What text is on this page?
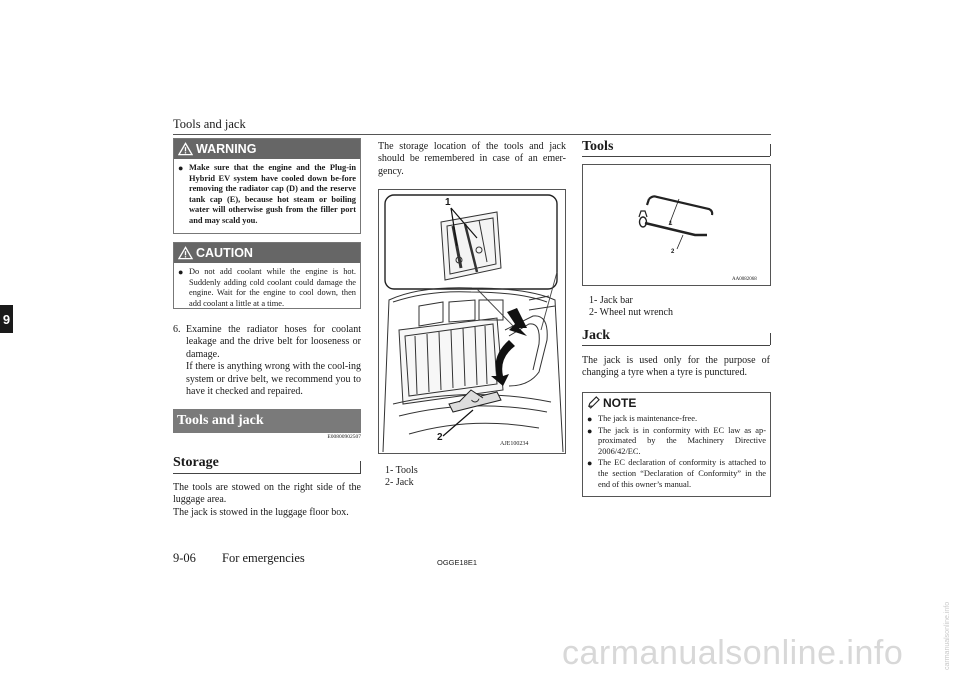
Tools and jack
9
WARNING
● Make sure that the engine and the Plug-in Hybrid EV system have cooled down be-fore removing the radiator cap (D) and the reserve tank cap (E), because hot steam or boiling water will otherwise gush from the filler port and may scald you.
CAUTION
● Do not add coolant while the engine is hot. Suddenly adding cold coolant could damage the engine. Wait for the engine to cool down, then add coolant a little at a time.
6. Examine the radiator hoses for coolant leakage and the drive belt for looseness or damage.
If there is anything wrong with the cool-ing system or drive belt, we recommend you to have it checked and repaired.
Tools and jack
E00800902507
Storage
The tools are stowed on the right side of the luggage area.
The jack is stowed in the luggage floor box.
The storage location of the tools and jack should be remembered in case of an emer-gency.
AJE100234
1
2
1- Tools
2- Jack
Tools
AA0082068
1
2
1- Jack bar
2- Wheel nut wrench
Jack
The jack is used only for the purpose of changing a tyre when a tyre is punctured.
NOTE
● The jack is maintenance-free.
● The jack is in conformity with EC law as ap-proximated by the Machinery Directive 2006/42/EC.
● The EC declaration of conformity is attached to the section “Declaration of Conformity” in the end of this owner’s manual.
9-06 For emergencies	OGGE18E1
carmanualsonline.info	carmanualsonline.info
